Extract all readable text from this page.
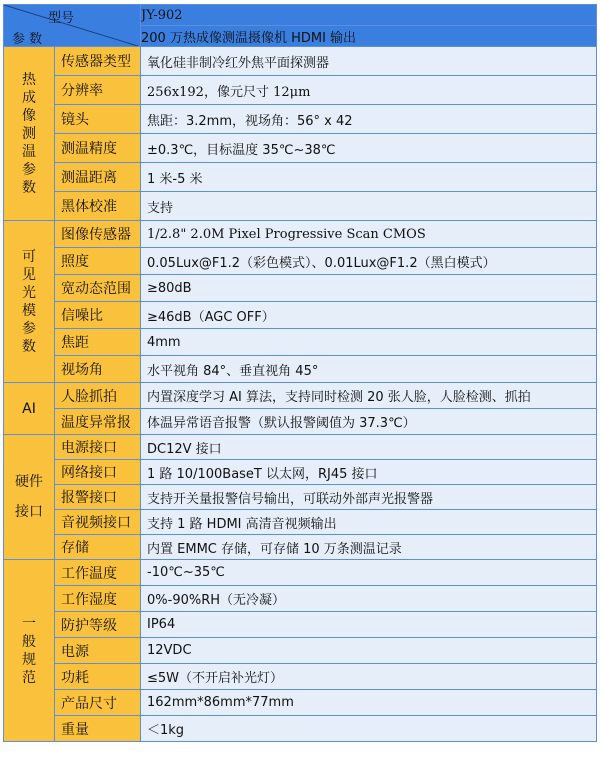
型号
参 数		JY-902
		200 万热成像测温摄像机 HDMI 输出
热成像测温参数	传感器类型	氧化硅非制冷红外焦平面探测器
	分辨率	256x192，像元尺寸 12μm
	镜头	焦距：3.2mm，视场角：56° x 42
	测温精度	±0.3℃，目标温度 35℃~38℃
	测温距离	1 米-5 米
	黑体校准	支持
可见光模参数	图像传感器	1/2.8" 2.0M Pixel Progressive Scan CMOS
	照度	0.05Lux@F1.2（彩色模式）、0.01Lux@F1.2（黑白模式）
	宽动态范围	≥80dB
	信噪比	≥46dB（AGC OFF）
	焦距	4mm
	视场角	水平视角 84°、垂直视角 45°
AI	人脸抓拍	内置深度学习 AI 算法，支持同时检测 20 张人脸，人脸检测、抓拍
	温度异常报	体温异常语音报警（默认报警阈值为 37.3℃）
硬件接口	电源接口	DC12V 接口
	网络接口	1 路 10/100BaseT 以太网，RJ45 接口
	报警接口	支持开关量报警信号输出，可联动外部声光报警器
	音视频接口	支持 1 路 HDMI 高清音视频输出
	存储	内置 EMMC 存储，可存储 10 万条测温记录
一般规范	工作温度	-10℃~35℃
	工作湿度	0%-90%RH（无冷凝）
	防护等级	IP64
	电源	12VDC
	功耗	≤5W（不开启补光灯）
	产品尺寸	162mm*86mm*77mm
	重量	＜1kg
